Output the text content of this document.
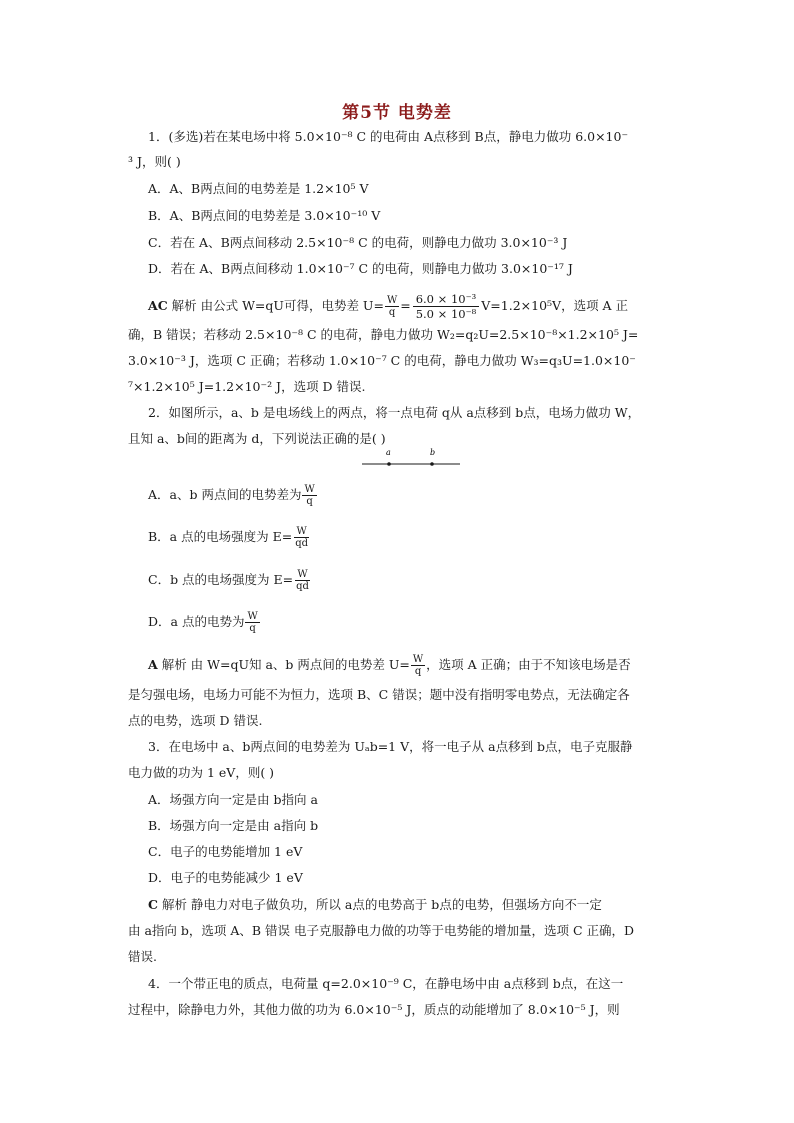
第5节 电势差
1．(多选)若在某电场中将 5.0×10⁻⁸ C 的电荷由 A点移到 B点，静电力做功 6.0×10⁻
³ J，则( )
A．A、B两点间的电势差是 1.2×10⁵ V
B．A、B两点间的电势差是 3.0×10⁻¹⁰ V
C．若在 A、B两点间移动 2.5×10⁻⁸ C 的电荷，则静电力做功 3.0×10⁻³ J
D．若在 A、B两点间移动 1.0×10⁻⁷ C 的电荷，则静电力做功 3.0×10⁻¹⁷ J
AC 解析 由公式 W=qU可得，电势差 $U= \frac{W}{q} = \frac{\text{6.0 × 10⁻³}}{\text{5.0 × 10⁻⁸}} V=1.2\times 10^5V$，选项 A 正
确，B 错误；若移动 2.5×10⁻⁸ C 的电荷，静电力做功 W₂=q₂U=2.5×10⁻⁸×1.2×10⁵ J=
3.0×10⁻³ J，选项 C 正确；若移动 1.0×10⁻⁷ C 的电荷，静电力做功 W₃=q₃U=1.0×10⁻
⁷×1.2×10⁵ J=1.2×10⁻² J，选项 D 错误.
2．如图所示，a、b 是电场线上的两点，将一点电荷 q从 a点移到 b点，电场力做功 W，
且知 a、b间的距离为 d，下列说法正确的是( )
a	b
A．a、b 两点间的电势差为 $\frac{W}{q}$
B．a 点的电场强度为 $E= \frac{W}{qd}$
C．b 点的电场强度为 $E= \frac{W}{qd}$
D．a 点的电势为 $\frac{W}{q}$
A 解析 由 W=qU知 a、b 两点间的电势差 $U= \frac{W}{q}$ ，选项 A 正确；由于不知该电场是否
是匀强电场，电场力可能不为恒力，选项 B、C 错误；题中没有指明零电势点，无法确定各
点的电势，选项 D 错误.
3．在电场中 a、b两点间的电势差为 Uₐb=1 V，将一电子从 a点移到 b点，电子克服静
电力做的功为 1 eV，则( )
A．场强方向一定是由 b指向 a
B．场强方向一定是由 a指向 b
C．电子的电势能增加 1 eV
D．电子的电势能减少 1 eV
C 解析 静电力对电子做负功，所以 a点的电势高于 b点的电势，但强场方向不一定
由 a指向 b，选项 A、B 错误 电子克服静电力做的功等于电势能的增加量，选项 C 正确，D
错误.
4．一个带正电的质点，电荷量 q=2.0×10⁻⁹ C，在静电场中由 a点移到 b点，在这一
过程中，除静电力外，其他力做的功为 6.0×10⁻⁵ J，质点的动能增加了 8.0×10⁻⁵ J，则
